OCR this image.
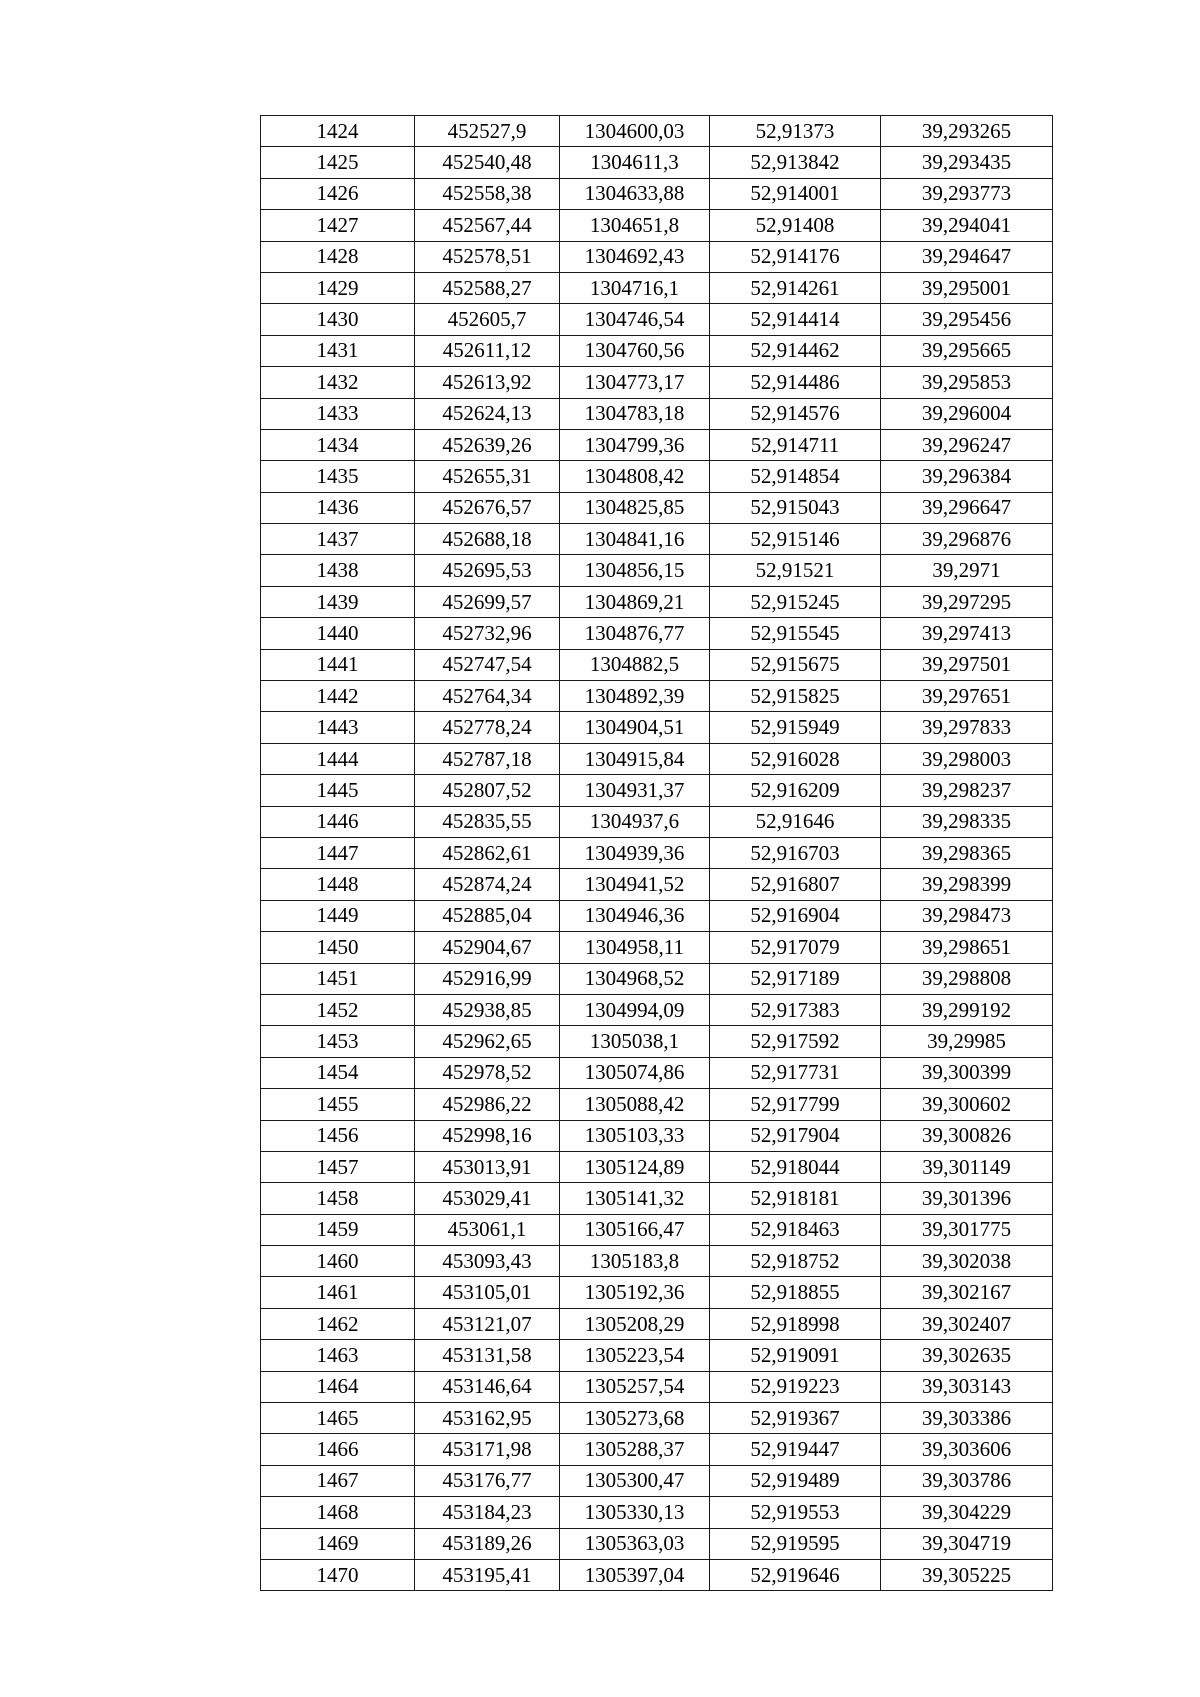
1424	452527,9	1304600,03	52,91373	39,293265
1425	452540,48	1304611,3	52,913842	39,293435
1426	452558,38	1304633,88	52,914001	39,293773
1427	452567,44	1304651,8	52,91408	39,294041
1428	452578,51	1304692,43	52,914176	39,294647
1429	452588,27	1304716,1	52,914261	39,295001
1430	452605,7	1304746,54	52,914414	39,295456
1431	452611,12	1304760,56	52,914462	39,295665
1432	452613,92	1304773,17	52,914486	39,295853
1433	452624,13	1304783,18	52,914576	39,296004
1434	452639,26	1304799,36	52,914711	39,296247
1435	452655,31	1304808,42	52,914854	39,296384
1436	452676,57	1304825,85	52,915043	39,296647
1437	452688,18	1304841,16	52,915146	39,296876
1438	452695,53	1304856,15	52,91521	39,2971
1439	452699,57	1304869,21	52,915245	39,297295
1440	452732,96	1304876,77	52,915545	39,297413
1441	452747,54	1304882,5	52,915675	39,297501
1442	452764,34	1304892,39	52,915825	39,297651
1443	452778,24	1304904,51	52,915949	39,297833
1444	452787,18	1304915,84	52,916028	39,298003
1445	452807,52	1304931,37	52,916209	39,298237
1446	452835,55	1304937,6	52,91646	39,298335
1447	452862,61	1304939,36	52,916703	39,298365
1448	452874,24	1304941,52	52,916807	39,298399
1449	452885,04	1304946,36	52,916904	39,298473
1450	452904,67	1304958,11	52,917079	39,298651
1451	452916,99	1304968,52	52,917189	39,298808
1452	452938,85	1304994,09	52,917383	39,299192
1453	452962,65	1305038,1	52,917592	39,29985
1454	452978,52	1305074,86	52,917731	39,300399
1455	452986,22	1305088,42	52,917799	39,300602
1456	452998,16	1305103,33	52,917904	39,300826
1457	453013,91	1305124,89	52,918044	39,301149
1458	453029,41	1305141,32	52,918181	39,301396
1459	453061,1	1305166,47	52,918463	39,301775
1460	453093,43	1305183,8	52,918752	39,302038
1461	453105,01	1305192,36	52,918855	39,302167
1462	453121,07	1305208,29	52,918998	39,302407
1463	453131,58	1305223,54	52,919091	39,302635
1464	453146,64	1305257,54	52,919223	39,303143
1465	453162,95	1305273,68	52,919367	39,303386
1466	453171,98	1305288,37	52,919447	39,303606
1467	453176,77	1305300,47	52,919489	39,303786
1468	453184,23	1305330,13	52,919553	39,304229
1469	453189,26	1305363,03	52,919595	39,304719
1470	453195,41	1305397,04	52,919646	39,305225
